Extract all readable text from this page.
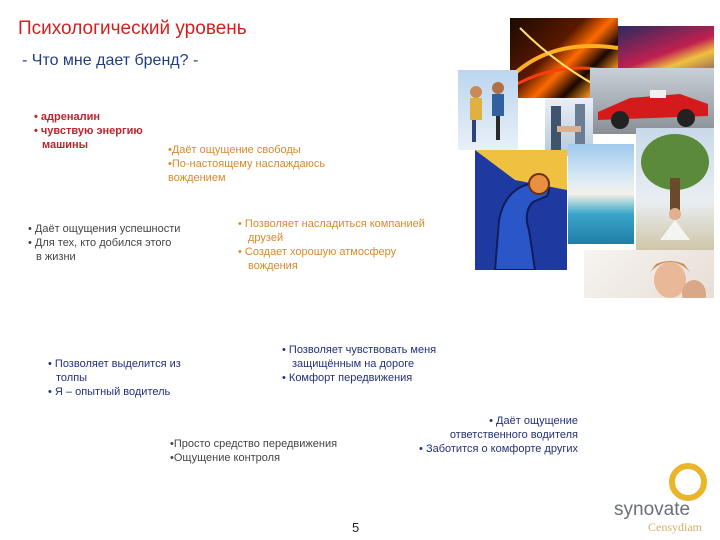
Психологический уровень
- Что мне дает бренд? -
• адреналин
• чувствую энергию
машины	•Даёт ощущение свободы
•По-настоящему наслаждаюсь
вождением
• Даёт ощущения успешности
• Для тех, кто добился этого
в жизни
• Позволяет насладиться компанией
друзей
• Создает хорошую атмосферу
вождения
• Позволяет чувствовать меня
защищённым на дороге
• Комфорт передвижения
• Позволяет выделится из
толпы
• Я – опытный водитель
•Просто средство передвижения
•Ощущение контроля
• Даёт ощущение
ответственного водителя
• Заботится о комфорте других
5
synovate
Censydiam
